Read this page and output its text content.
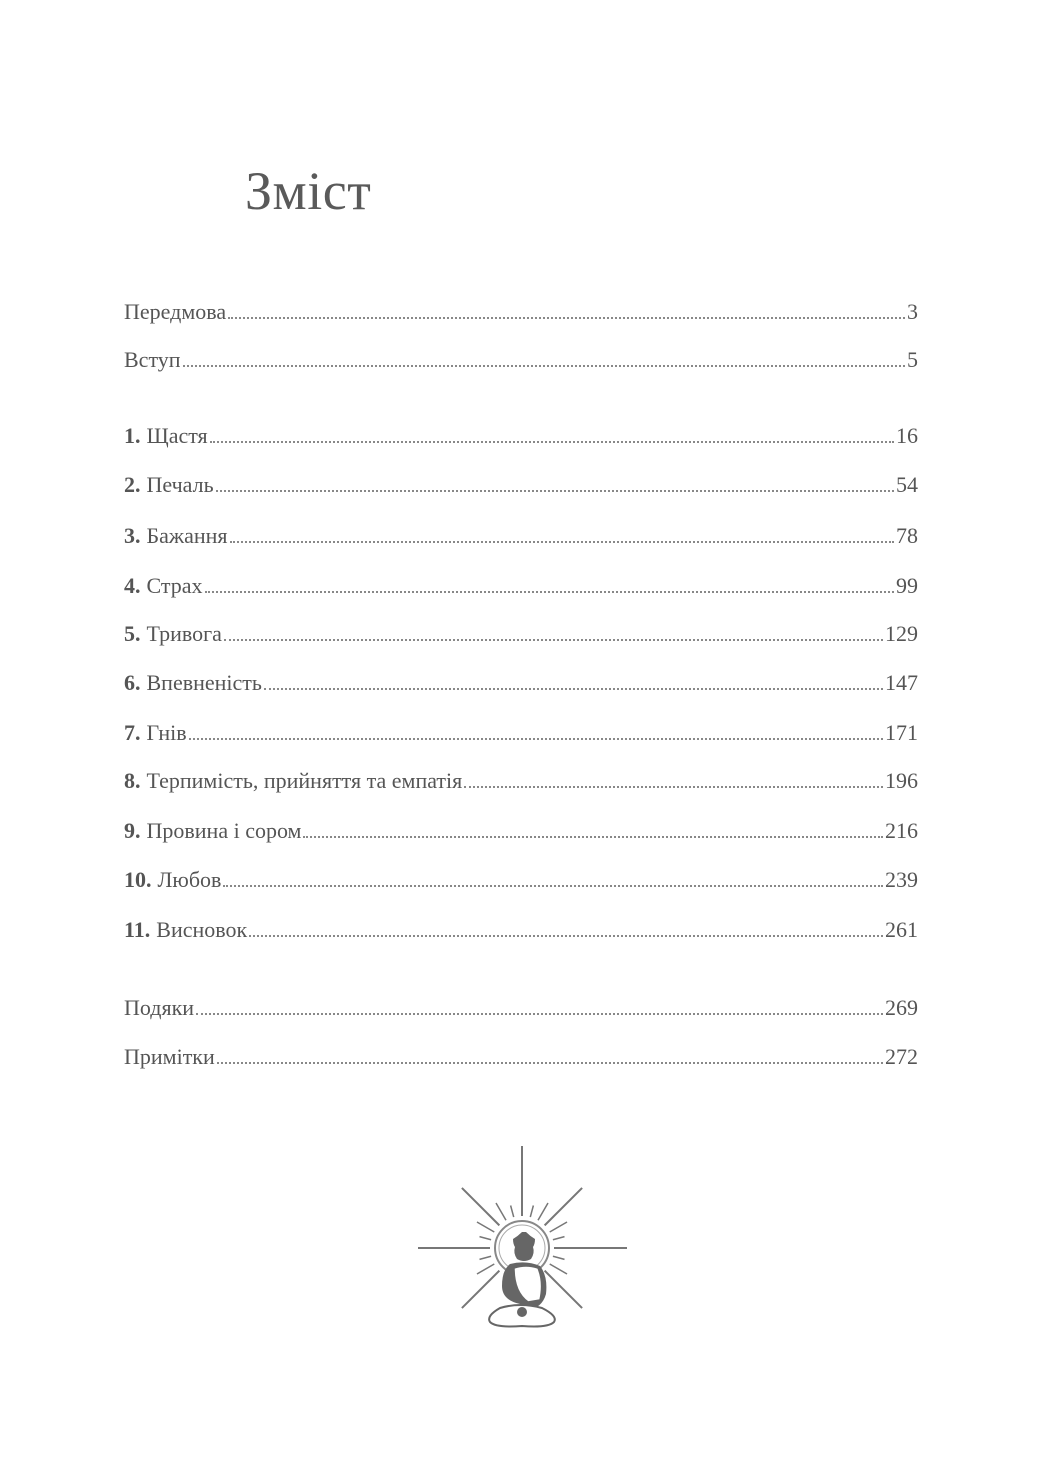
Зміст
Передмова	3
Вступ	5
1. Щастя	16
2. Печаль	54
3. Бажання	78
4. Страх	99
5. Тривога	129
6. Впевненість	147
7. Гнів	171
8. Терпимість, прийняття та емпатія	196
9. Провина і сором	216
10. Любов	239
11. Висновок	261
Подяки	269
Примітки	272
